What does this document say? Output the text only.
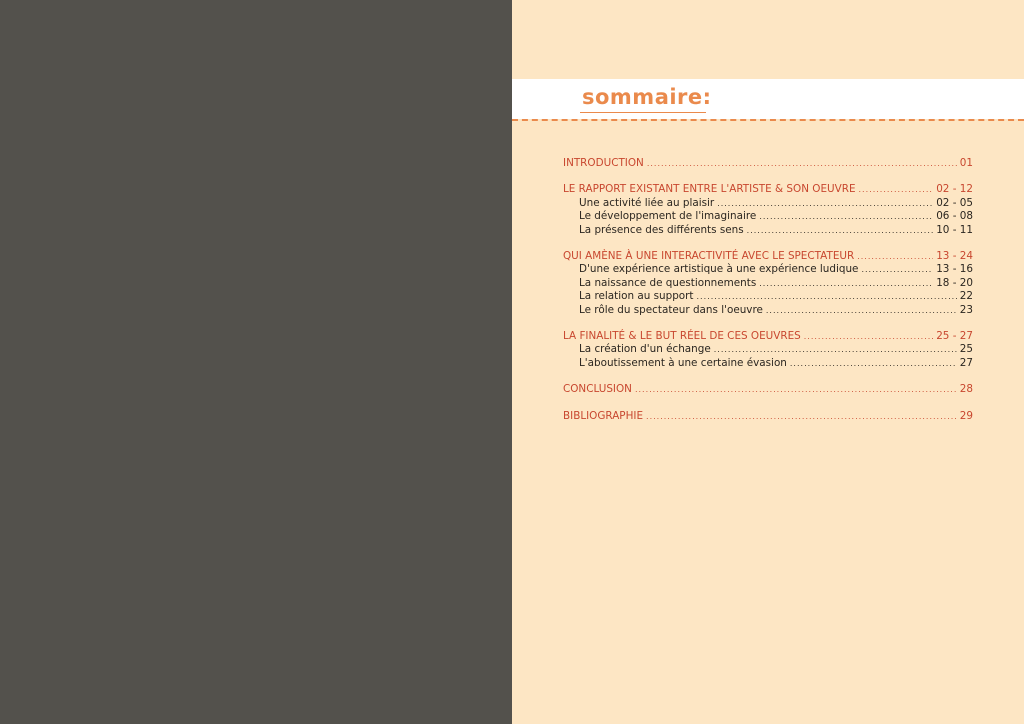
sommaire:
INTRODUCTION .....	01
LE RAPPORT EXISTANT ENTRE L'ARTISTE & SON OEUVRE .....	02 - 12
Une activité liée au plaisir .....	02 - 05
Le développement de l'imaginaire .....	06 - 08
La présence des différents sens .....	10 - 11
QUI AMÈNE À UNE INTERACTIVITÉ AVEC LE SPECTATEUR .....	13 - 24
D'une expérience artistique à une expérience ludique .....	13 - 16
La naissance de questionnements .....	18 - 20
La relation au support .....	22
Le rôle du spectateur dans l'oeuvre .....	23
LA FINALITÉ & LE BUT RÉEL DE CES OEUVRES .....	25 - 27
La création d'un échange .....	25
L'aboutissement à une certaine évasion .....	27
CONCLUSION .....	28
BIBLIOGRAPHIE .....	29
